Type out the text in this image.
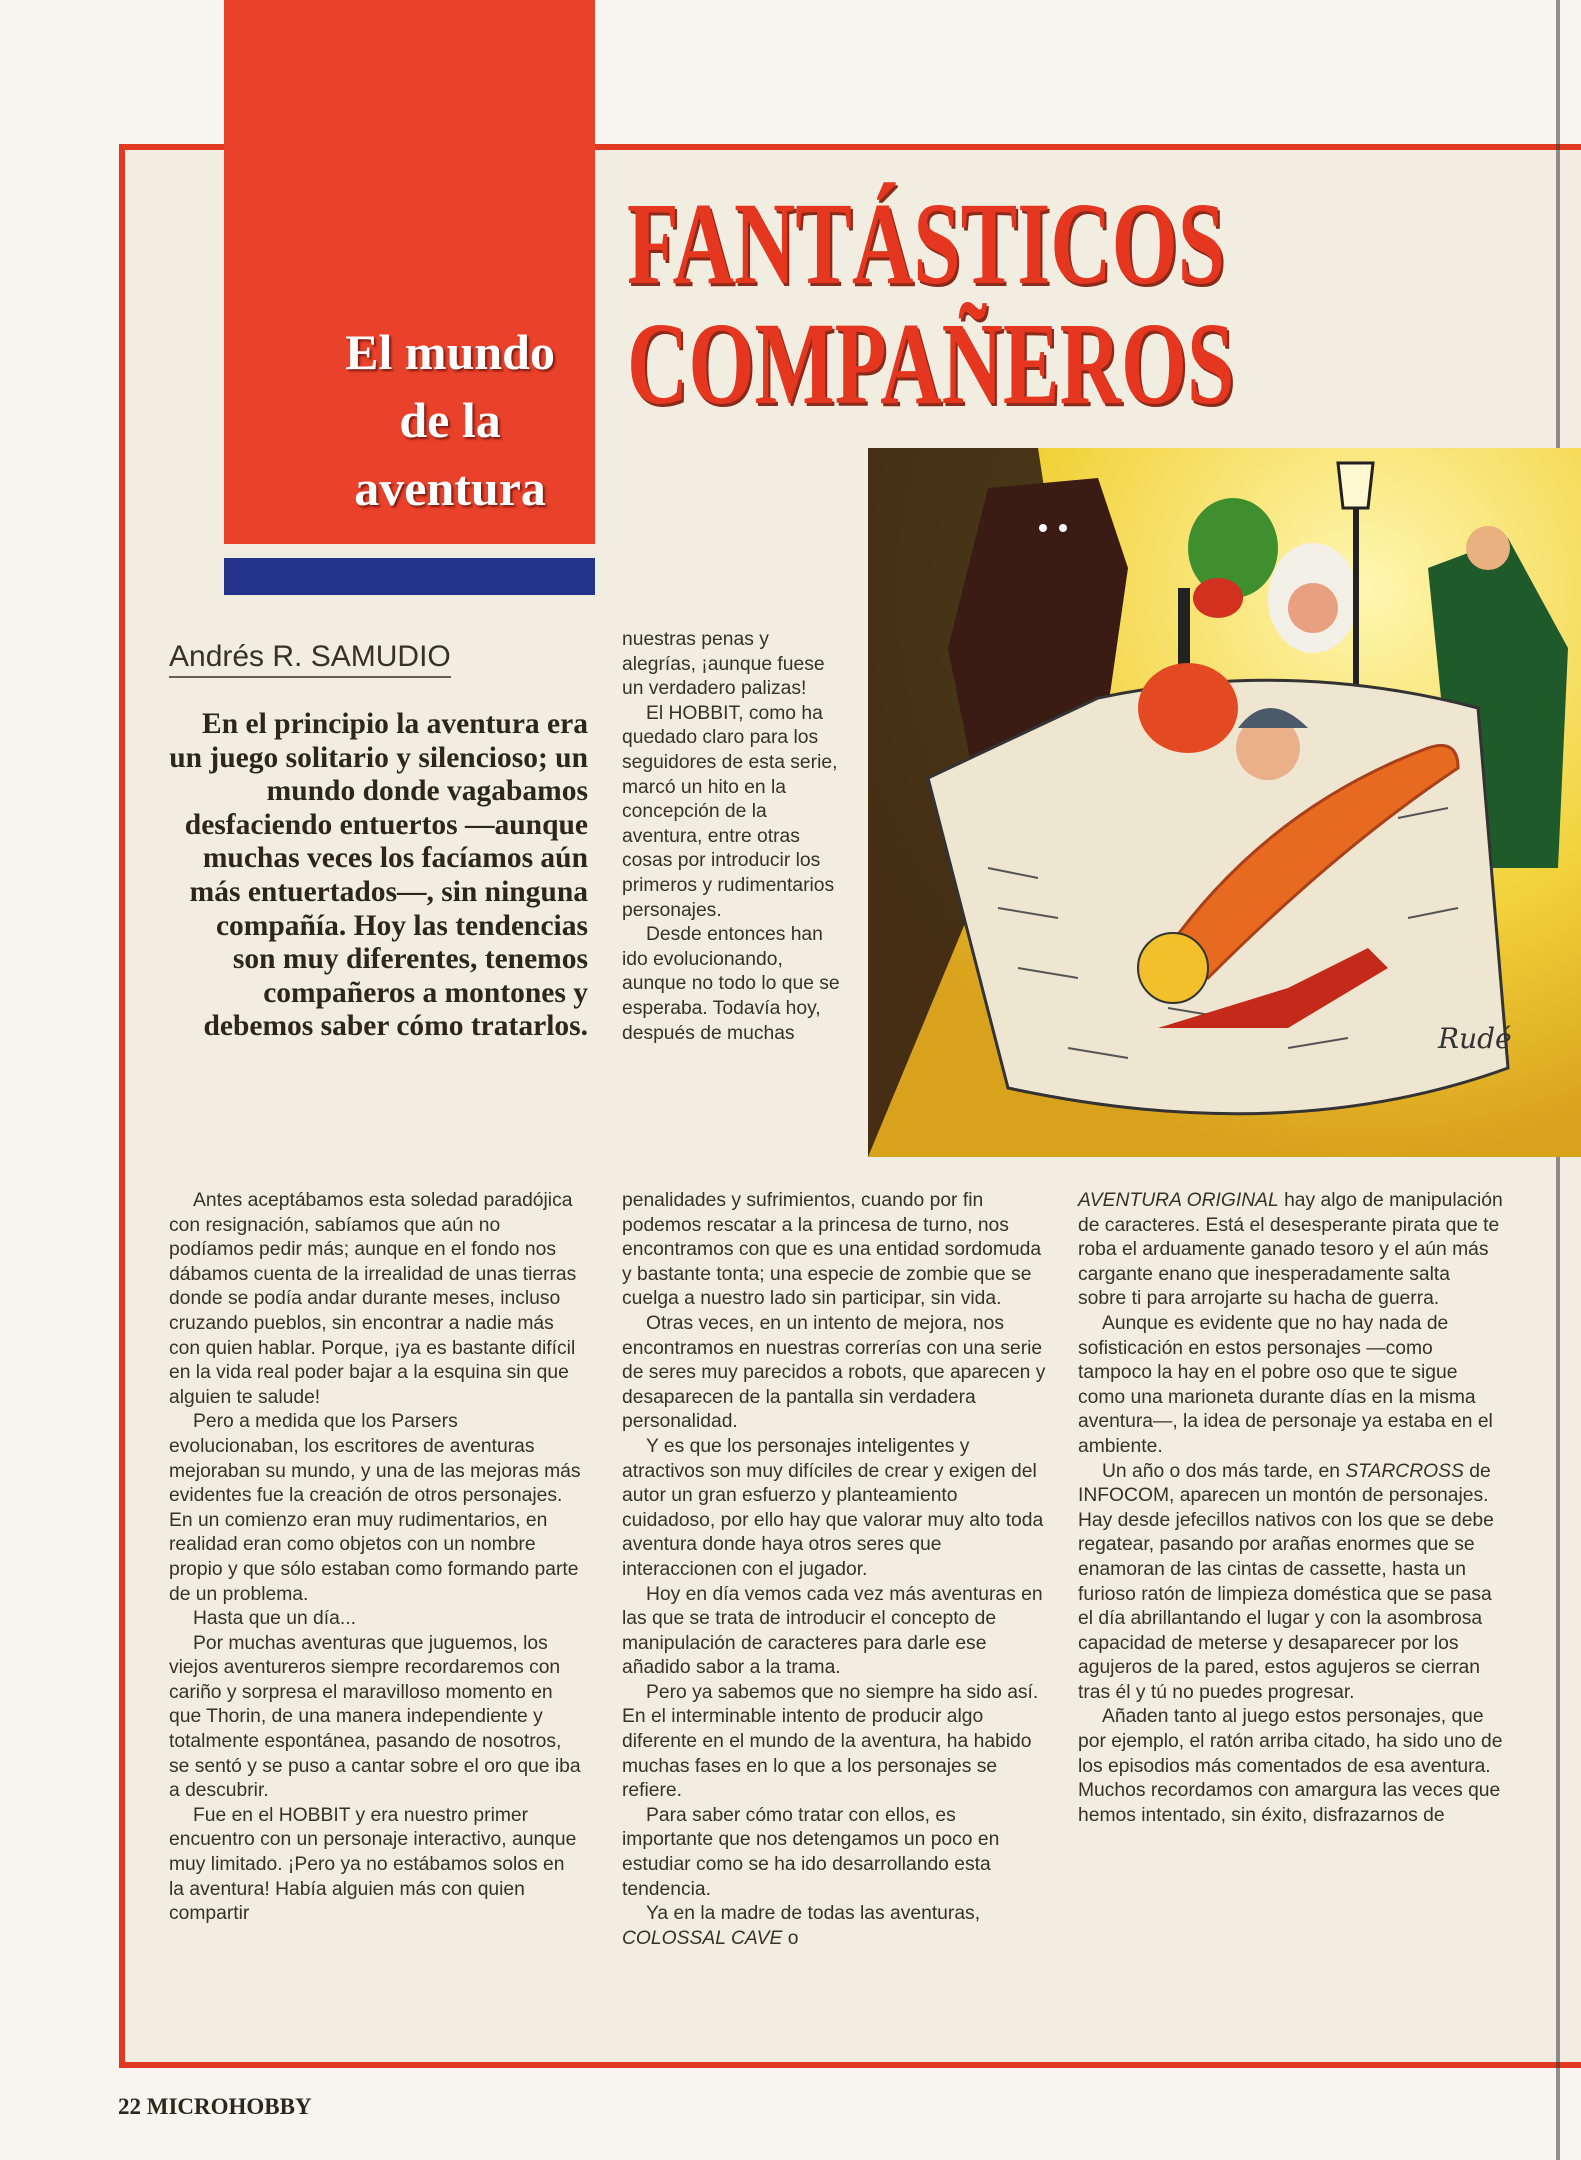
El mundo
de la
aventura
FANTÁSTICOS
COMPAÑEROS
Rudé
Andrés R. SAMUDIO
En el principio la aventura era un juego solitario y silencioso; un mundo donde vagabamos desfaciendo entuertos —aunque muchas veces los facíamos aún más entuertados—, sin ninguna compañía. Hoy las tendencias son muy diferentes, tenemos compañeros a montones y debemos saber cómo tratarlos.

Antes aceptábamos esta soledad paradójica con resignación, sabíamos que aún no podíamos pedir más; aunque en el fondo nos dábamos cuenta de la irrealidad de unas tierras donde se podía andar durante meses, incluso cruzando pueblos, sin encontrar a nadie más con quien hablar. Porque, ¡ya es bastante difícil en la vida real poder bajar a la esquina sin que alguien te salude!

Pero a medida que los Parsers evolucionaban, los escritores de aventuras mejoraban su mundo, y una de las mejoras más evidentes fue la creación de otros personajes. En un comienzo eran muy rudimentarios, en realidad eran como objetos con un nombre propio y que sólo estaban como formando parte de un problema.

Hasta que un día...

Por muchas aventuras que juguemos, los viejos aventureros siempre recordaremos con cariño y sorpresa el maravilloso momento en que Thorin, de una manera independiente y totalmente espontánea, pasando de nosotros, se sentó y se puso a cantar sobre el oro que iba a descubrir.

Fue en el HOBBIT y era nuestro primer encuentro con un personaje interactivo, aunque muy limitado. ¡Pero ya no estábamos solos en la aventura! Había alguien más con quien compartir

nuestras penas y alegrías, ¡aunque fuese un verdadero palizas!

El HOBBIT, como ha quedado claro para los seguidores de esta serie, marcó un hito en la concepción de la aventura, entre otras cosas por introducir los primeros y rudimentarios personajes.

Desde entonces han ido evolucionando, aunque no todo lo que se esperaba. Todavía hoy, después de muchas

penalidades y sufrimientos, cuando por fin podemos rescatar a la princesa de turno, nos encontramos con que es una entidad sordomuda y bastante tonta; una especie de zombie que se cuelga a nuestro lado sin participar, sin vida.

Otras veces, en un intento de mejora, nos encontramos en nuestras correrías con una serie de seres muy parecidos a robots, que aparecen y desaparecen de la pantalla sin verdadera personalidad.

Y es que los personajes inteligentes y atractivos son muy difíciles de crear y exigen del autor un gran esfuerzo y planteamiento cuidadoso, por ello hay que valorar muy alto toda aventura donde haya otros seres que interaccionen con el jugador.

Hoy en día vemos cada vez más aventuras en las que se trata de introducir el concepto de manipulación de caracteres para darle ese añadido sabor a la trama.

Pero ya sabemos que no siempre ha sido así. En el interminable intento de producir algo diferente en el mundo de la aventura, ha habido muchas fases en lo que a los personajes se refiere.

Para saber cómo tratar con ellos, es importante que nos detengamos un poco en estudiar como se ha ido desarrollando esta tendencia.

Ya en la madre de todas las aventuras, COLOSSAL CAVE o

AVENTURA ORIGINAL hay algo de manipulación de caracteres. Está el desesperante pirata que te roba el arduamente ganado tesoro y el aún más cargante enano que inesperadamente salta sobre ti para arrojarte su hacha de guerra.

Aunque es evidente que no hay nada de sofisticación en estos personajes —como tampoco la hay en el pobre oso que te sigue como una marioneta durante días en la misma aventura—, la idea de personaje ya estaba en el ambiente.

Un año o dos más tarde, en STARCROSS de INFOCOM, aparecen un montón de personajes. Hay desde jefecillos nativos con los que se debe regatear, pasando por arañas enormes que se enamoran de las cintas de cassette, hasta un furioso ratón de limpieza doméstica que se pasa el día abrillantando el lugar y con la asombrosa capacidad de meterse y desaparecer por los agujeros de la pared, estos agujeros se cierran tras él y tú no puedes progresar.

Añaden tanto al juego estos personajes, que por ejemplo, el ratón arriba citado, ha sido uno de los episodios más comentados de esa aventura. Muchos recordamos con amargura las veces que hemos intentado, sin éxito, disfrazarnos de

22 MICROHOBBY
